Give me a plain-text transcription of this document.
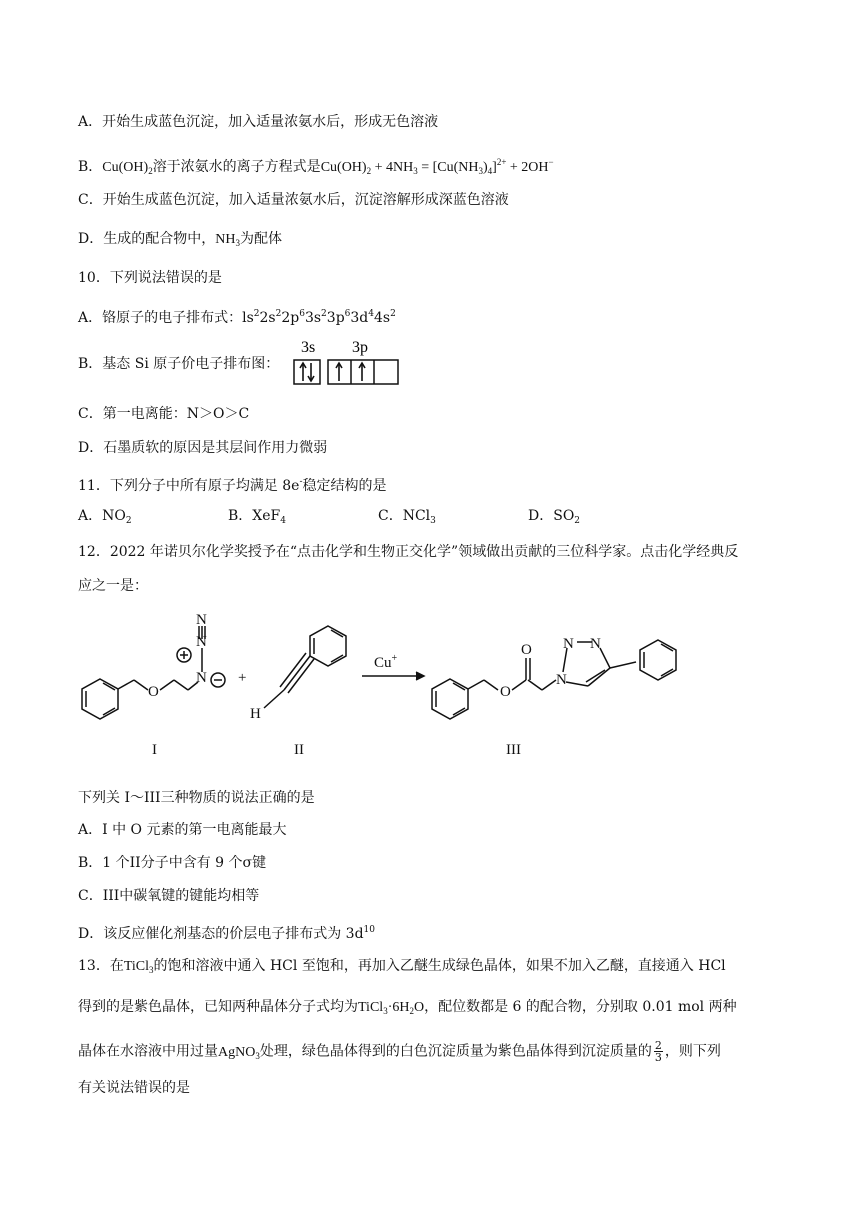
A．开始生成蓝色沉淀，加入适量浓氨水后，形成无色溶液
B．$Cu(OH)_2$溶于浓氨水的离子方程式是$Cu(OH)_2 + 4NH_3 = [Cu(NH_3)_4]^{2+} + 2OH^-$
C．开始生成蓝色沉淀，加入适量浓氨水后，沉淀溶解形成深蓝色溶液
D．生成的配合物中，$NH_3$为配体
10．下列说法错误的是
A．铬原子的电子排布式：$ls^22s^22p^63s^23p^63d^44s^2$
B．基态 Si 原子价电子排布图：
3s 3p
C．第一电离能：N＞O＞C
D．石墨质软的原因是其层间作用力微弱
11．下列分子中所有原子均满足 8e-稳定结构的是
A．$NO_2$	B．XeF$_4$	C．NCl$_3$	D．$SO_2$
12．2022 年诺贝尔化学奖授予在“点击化学和生物正交化学”领域做出贡献的三位科学家。点击化学经典反
应之一是：
O
N
N
N
+
H
Cu+
O
O
N
N N
I	II	III
下列关 I～III三种物质的说法正确的是
A．I 中 O 元素的第一电离能最大
B．1 个II分子中含有 9 个σ键
C．III中碳氧键的键能均相等
D．该反应催化剂基态的价层电子排布式为 $3d^{10}$
13．在TiCl$_3$的饱和溶液中通入 HCl 至饱和，再加入乙醚生成绿色晶体，如果不加入乙醚，直接通入 HCl
得到的是紫色晶体，已知两种晶体分子式均为$TiCl_3\cdot 6H_2O$，配位数都是 6 的配合物，分别取 0.01 mol 两种
晶体在水溶液中用过量AgNO$_3$处理，绿色晶体得到的白色沉淀质量为紫色晶体得到沉淀质量的 $\frac{2}{3}$ ，则下列
有关说法错误的是
